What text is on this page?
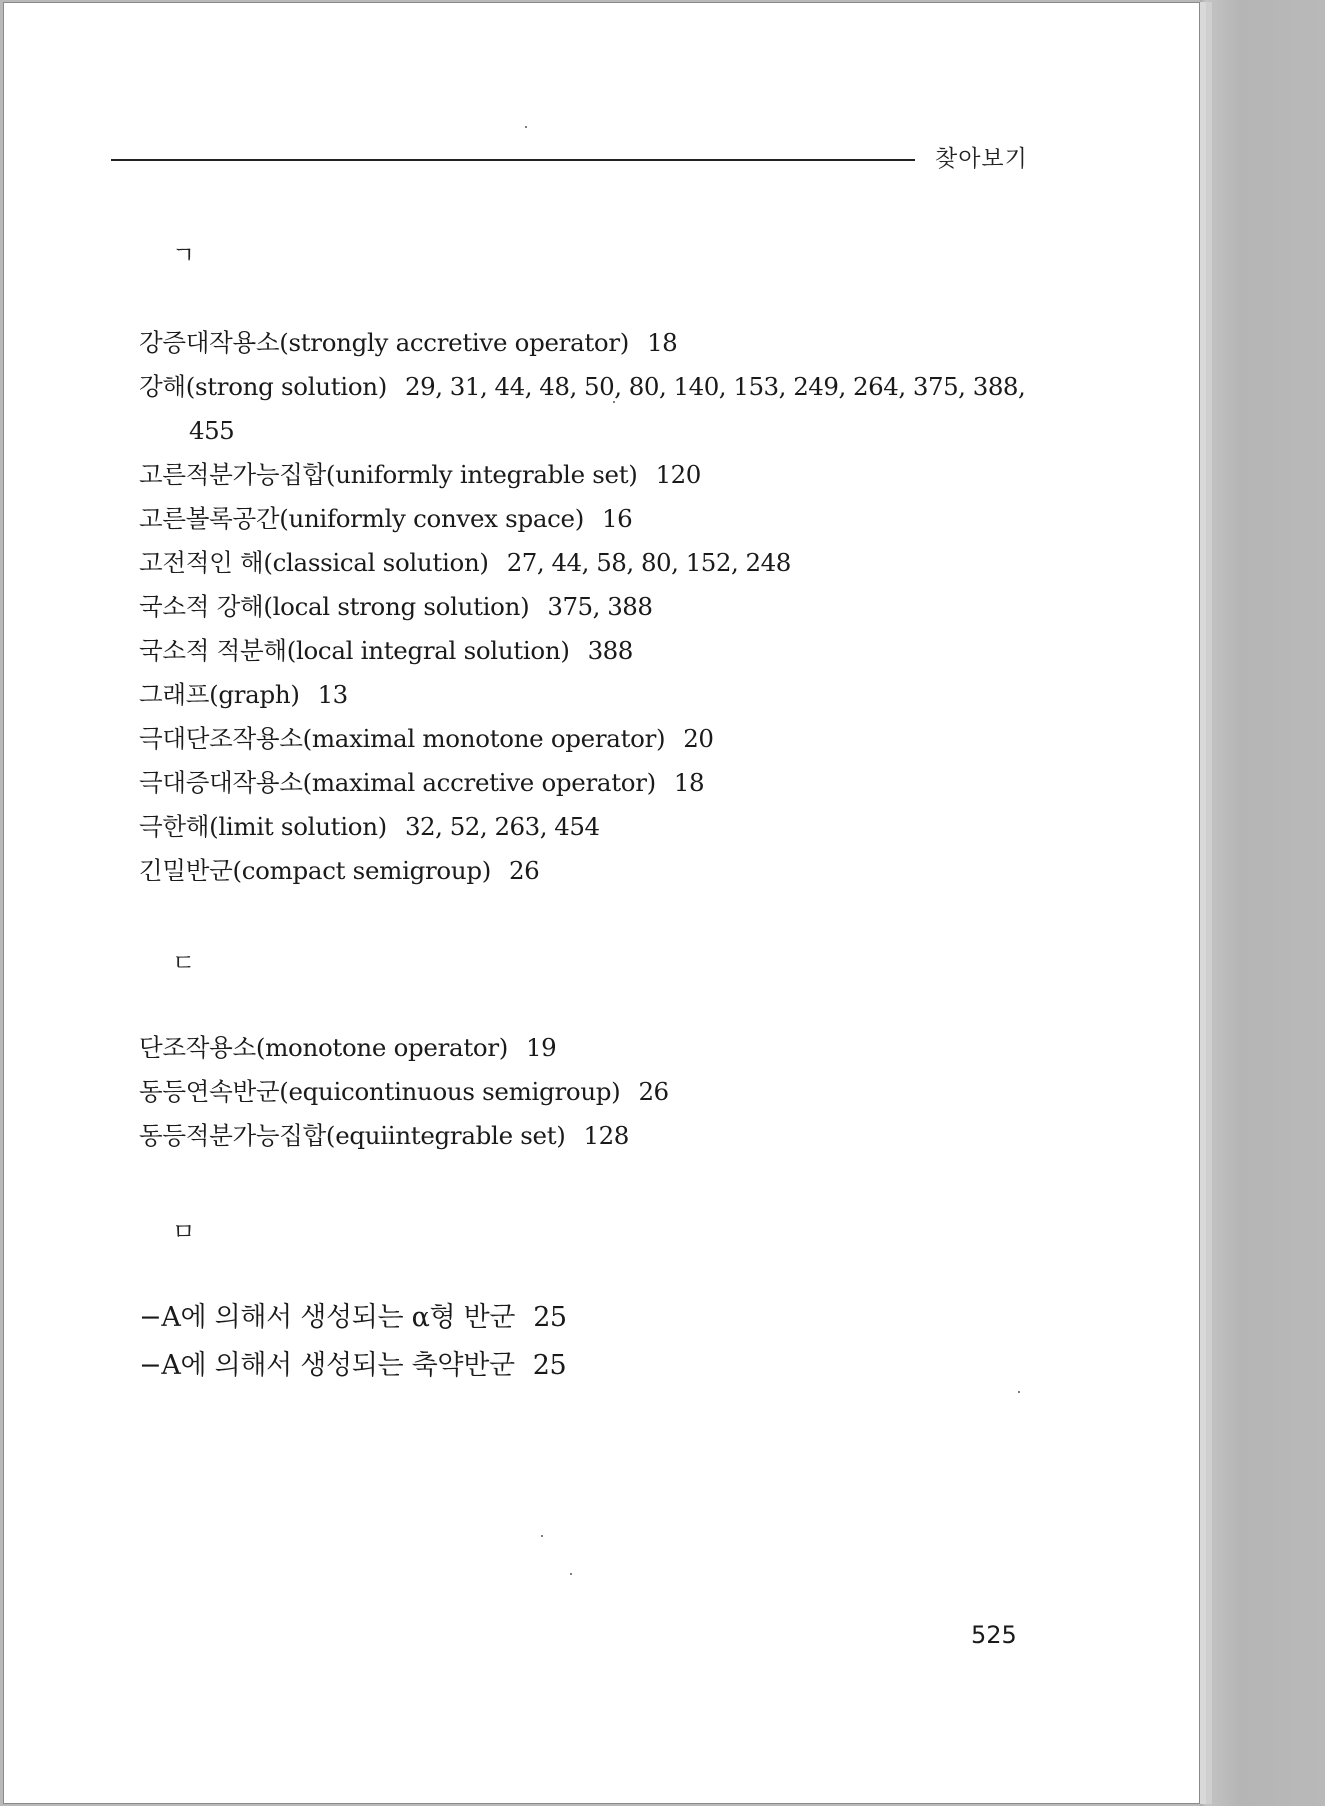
찾아보기
ㄱ
강증대작용소(strongly accretive operator) 18
강해(strong solution) 29, 31, 44, 48, 50, 80, 140, 153, 249, 264, 375, 388,
455
고른적분가능집합(uniformly integrable set) 120
고른볼록공간(uniformly convex space) 16
고전적인 해(classical solution) 27, 44, 58, 80, 152, 248
국소적 강해(local strong solution) 375, 388
국소적 적분해(local integral solution) 388
그래프(graph) 13
극대단조작용소(maximal monotone operator) 20
극대증대작용소(maximal accretive operator) 18
극한해(limit solution) 32, 52, 263, 454
긴밀반군(compact semigroup) 26
ㄷ
단조작용소(monotone operator) 19
동등연속반군(equicontinuous semigroup) 26
동등적분가능집합(equiintegrable set) 128
ㅁ
−A에 의해서 생성되는 α형 반군 25
−A에 의해서 생성되는 축약반군 25
525
